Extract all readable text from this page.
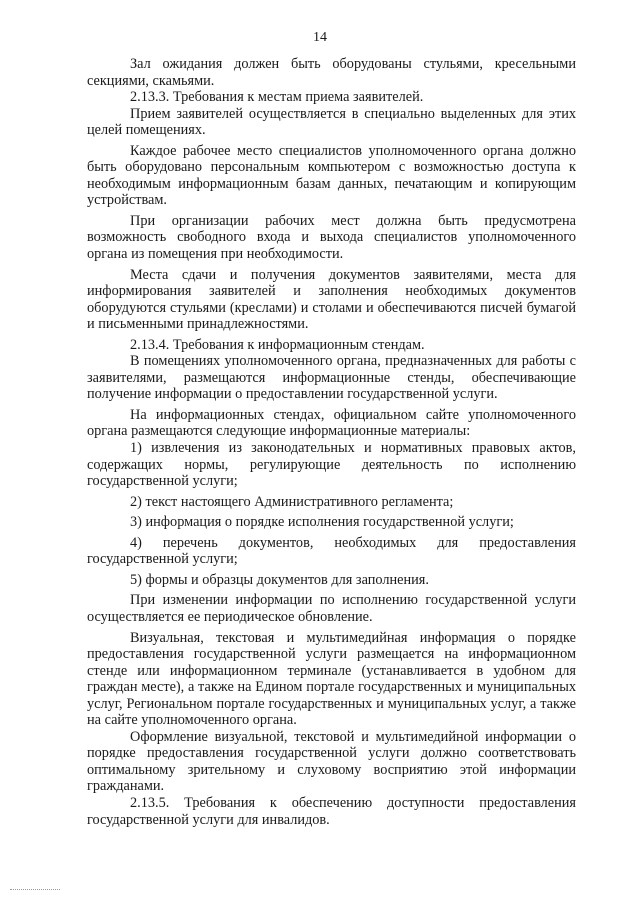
14

Зал ожидания должен быть оборудованы стульями, кресельными секциями, скамьями.

2.13.3. Требования к местам приема заявителей.

Прием заявителей осуществляется в специально выделенных для этих целей помещениях.

Каждое рабочее место специалистов уполномоченного органа должно быть оборудовано персональным компьютером с возможностью доступа к необходимым информационным базам данных, печатающим и копирующим устройствам.

При организации рабочих мест должна быть предусмотрена возможность свободного входа и выхода специалистов уполномоченного органа из помещения при необходимости.

Места сдачи и получения документов заявителями, места для информирования заявителей и заполнения необходимых документов оборудуются стульями (креслами) и столами и обеспечиваются писчей бумагой и письменными принадлежностями.

2.13.4. Требования к информационным стендам.

В помещениях уполномоченного органа, предназначенных для работы с заявителями, размещаются информационные стенды, обеспечивающие получение информации о предоставлении государственной услуги.

На информационных стендах, официальном сайте уполномоченного органа размещаются следующие информационные материалы:

1) извлечения из законодательных и нормативных правовых актов, содержащих нормы, регулирующие деятельность по исполнению государственной услуги;

2) текст настоящего Административного регламента;

3) информация о порядке исполнения государственной услуги;

4) перечень документов, необходимых для предоставления государственной услуги;

5) формы и образцы документов для заполнения.

При изменении информации по исполнению государственной услуги осуществляется ее периодическое обновление.

Визуальная, текстовая и мультимедийная информация о порядке предоставления государственной услуги размещается на информационном стенде или информационном терминале (устанавливается в удобном для граждан месте), а также на Едином портале государственных и муниципальных услуг, Региональном портале государственных и муниципальных услуг, а также на сайте уполномоченного органа.

Оформление визуальной, текстовой и мультимедийной информации о порядке предоставления государственной услуги должно соответствовать оптимальному зрительному и слуховому восприятию этой информации гражданами.

2.13.5. Требования к обеспечению доступности предоставления государственной услуги для инвалидов.
